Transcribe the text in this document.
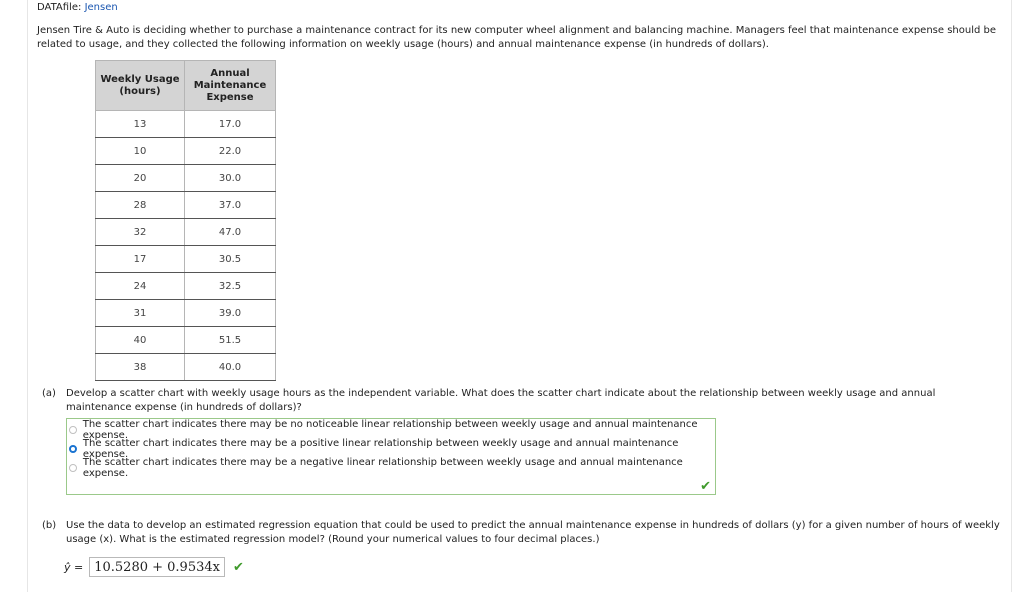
DATAfile: Jensen
Jensen Tire & Auto is deciding whether to purchase a maintenance contract for its new computer wheel alignment and balancing machine. Managers feel that maintenance expense should be related to usage, and they collected the following information on weekly usage (hours) and annual maintenance expense (in hundreds of dollars).
Weekly Usage
(hours)	Annual
Maintenance
Expense
13	17.0
10	22.0
20	30.0
28	37.0
32	47.0
17	30.5
24	32.5
31	39.0
40	51.5
38	40.0
(a) Develop a scatter chart with weekly usage hours as the independent variable. What does the scatter chart indicate about the relationship between weekly usage and annual maintenance expense (in hundreds of dollars)?
The scatter chart indicates there may be no noticeable linear relationship between weekly usage and annual maintenance expense.
The scatter chart indicates there may be a positive linear relationship between weekly usage and annual maintenance expense.
The scatter chart indicates there may be a negative linear relationship between weekly usage and annual maintenance expense.
✔
(b) Use the data to develop an estimated regression equation that could be used to predict the annual maintenance expense in hundreds of dollars (y) for a given number of hours of weekly usage (x). What is the estimated regression model? (Round your numerical values to four decimal places.)
ŷ = 10.5280 + 0.9534x	✔
